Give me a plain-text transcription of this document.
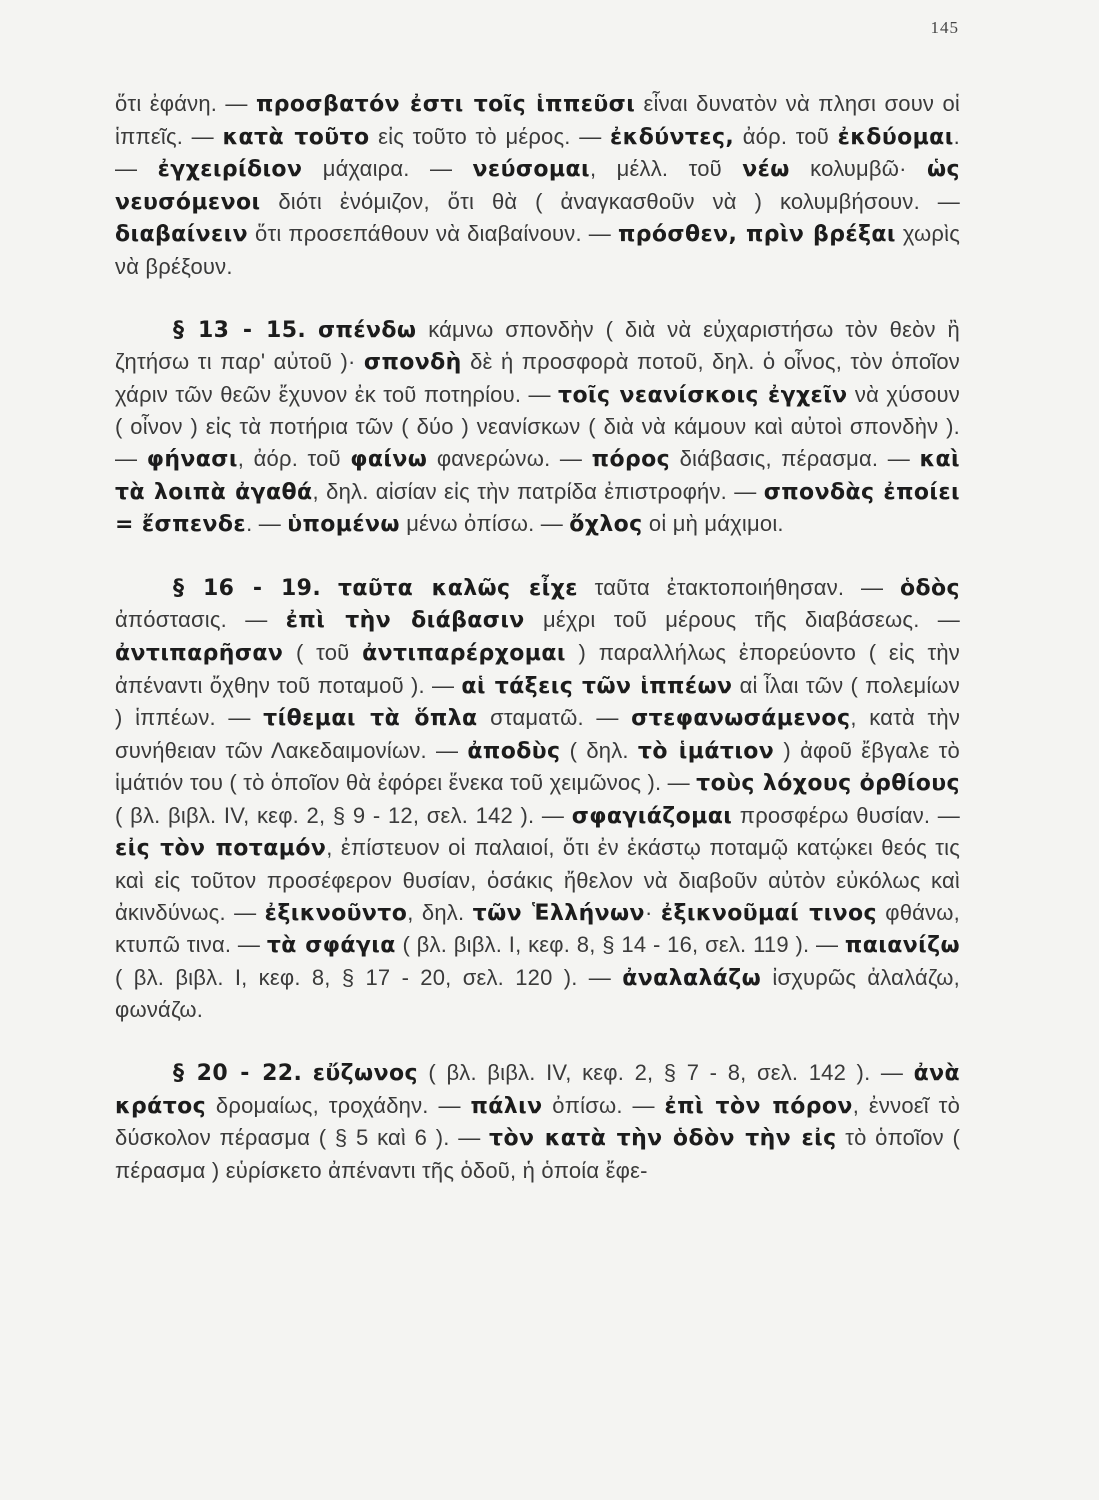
145

ὅτι ἐφάνη. — προσβατόν ἐστι τοῖς ἱππεῦσι εἶναι δυνατὸν νὰ πλησι σουν οἱ ἱππεῖς. — κατὰ τοῦτο εἰς τοῦτο τὸ μέρος. — ἐκδύντες, ἀόρ. τοῦ ἐκδύομαι. — ἐγχειρίδιον μάχαιρα. — νεύσομαι, μέλλ. τοῦ νέω κολυμβῶ· ὡς νευσόμενοι διότι ἐνόμιζον, ὅτι θὰ ( ἀναγκασθοῦν νὰ ) κολυμβήσουν. — διαβαίνειν ὅτι προσεπάθουν νὰ διαβαίνουν. — πρόσθεν, πρὶν βρέξαι χωρὶς νὰ βρέξουν.

§ 13 - 15. σπένδω κάμνω σπονδὴν ( διὰ νὰ εὐχαριστήσω τὸν θεὸν ἢ ζητήσω τι παρ' αὐτοῦ )· σπονδὴ δὲ ἡ προσφορὰ ποτοῦ, δηλ. ὁ οἶνος, τὸν ὁποῖον χάριν τῶν θεῶν ἔχυνον ἐκ τοῦ ποτηρίου. — τοῖς νεανίσκοις ἐγχεῖν νὰ χύσουν ( οἶνον ) εἰς τὰ ποτήρια τῶν ( δύο ) νεανίσκων ( διὰ νὰ κάμουν καὶ αὐτοὶ σπονδὴν ). — φήνασι, ἀόρ. τοῦ φαίνω φανερώνω. — πόρος διάβασις, πέρασμα. — καὶ τὰ λοιπὰ ἀγαθά, δηλ. αἰσίαν εἰς τὴν πατρίδα ἐπιστροφήν. — σπονδὰς ἐποίει = ἔσπενδε. — ὑπομένω μένω ὀπίσω. — ὄχλος οἱ μὴ μάχιμοι.

§ 16 - 19. ταῦτα καλῶς εἶχε ταῦτα ἐτακτοποιήθησαν. — ὁδὸς ἀπόστασις. — ἐπὶ τὴν διάβασιν μέχρι τοῦ μέρους τῆς διαβάσεως. — ἀντιπαρῆσαν ( τοῦ ἀντιπαρέρχομαι ) παραλλήλως ἐπορεύοντο ( εἰς τὴν ἀπέναντι ὄχθην τοῦ ποταμοῦ ). — αἱ τάξεις τῶν ἱππέων αἱ ἶλαι τῶν ( πολεμίων ) ἱππέων. — τίθεμαι τὰ ὅπλα σταματῶ. — στεφανωσάμενος, κατὰ τὴν συνήθειαν τῶν Λακεδαιμονίων. — ἀποδὺς ( δηλ. τὸ ἱμάτιον ) ἀφοῦ ἔβγαλε τὸ ἱμάτιόν του ( τὸ ὁποῖον θὰ ἐφόρει ἕνεκα τοῦ χειμῶνος ). — τοὺς λόχους ὀρθίους ( βλ. βιβλ. IV, κεφ. 2, § 9 - 12, σελ. 142 ). — σφαγιάζομαι προσφέρω θυσίαν. — εἰς τὸν ποταμόν, ἐπίστευον οἱ παλαιοί, ὅτι ἐν ἑκάστῳ ποταμῷ κατῴκει θεός τις καὶ εἰς τοῦτον προσέφερον θυσίαν, ὁσάκις ἤθελον νὰ διαβοῦν αὐτὸν εὐκόλως καὶ ἀκινδύνως. — ἐξικνοῦντο, δηλ. τῶν Ἑλλήνων· ἐξικνοῦμαί τινος φθάνω, κτυπῶ τινα. — τὰ σφάγια ( βλ. βιβλ. I, κεφ. 8, § 14 - 16, σελ. 119 ). — παιανίζω ( βλ. βιβλ. I, κεφ. 8, § 17 - 20, σελ. 120 ). — ἀναλαλάζω ἰσχυρῶς ἀλαλάζω, φωνάζω.

§ 20 - 22. εὔζωνος ( βλ. βιβλ. IV, κεφ. 2, § 7 - 8, σελ. 142 ). — ἀνὰ κράτος δρομαίως, τροχάδην. — πάλιν ὀπίσω. — ἐπὶ τὸν πόρον, ἐννοεῖ τὸ δύσκολον πέρασμα ( § 5 καὶ 6 ). — τὸν κατὰ τὴν ὁδὸν τὴν εἰς τὸ ὁποῖον ( πέρασμα ) εὑρίσκετο ἀπέναντι τῆς ὁδοῦ, ἡ ὁποία ἔφε-
